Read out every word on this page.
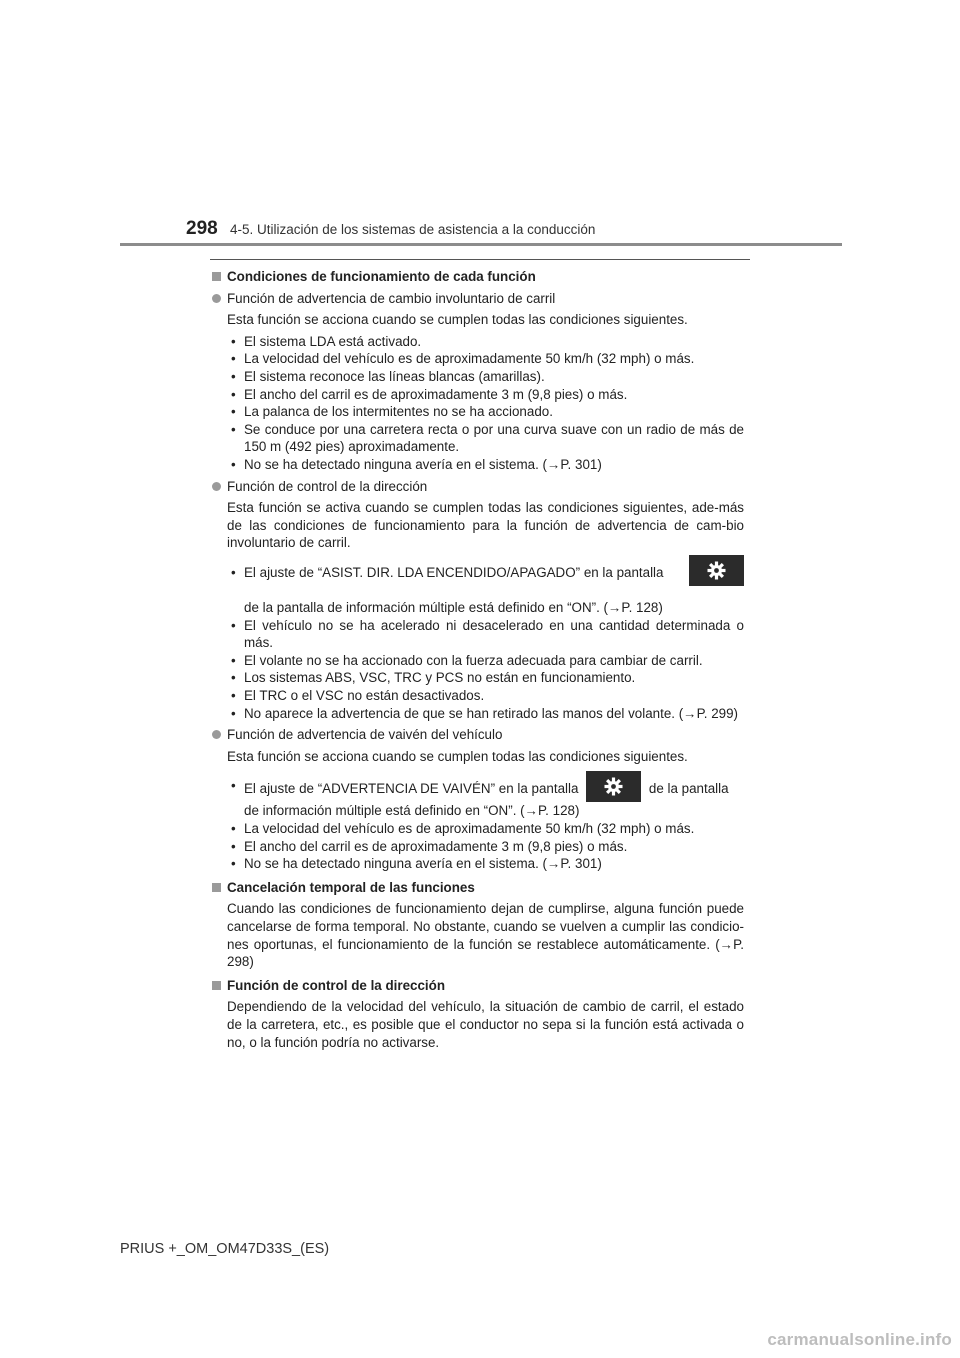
298 4-5. Utilización de los sistemas de asistencia a la conducción

Condiciones de funcionamiento de cada función

Función de advertencia de cambio involuntario de carril

Esta función se acciona cuando se cumplen todas las condiciones siguientes.

• El sistema LDA está activado.
• La velocidad del vehículo es de aproximadamente 50 km/h (32 mph) o más.
• El sistema reconoce las líneas blancas (amarillas).
• El ancho del carril es de aproximadamente 3 m (9,8 pies) o más.
• La palanca de los intermitentes no se ha accionado.
• Se conduce por una carretera recta o por una curva suave con un radio de más de 150 m (492 pies) aproximadamente.
• No se ha detectado ninguna avería en el sistema. (→P. 301)

Función de control de la dirección

Esta función se activa cuando se cumplen todas las condiciones siguientes, ade-más de las condiciones de funcionamiento para la función de advertencia de cam-bio involuntario de carril.

• El ajuste de “ASIST. DIR. LDA ENCENDIDO/APAGADO” en la pantalla

de la pantalla de información múltiple está definido en “ON”. (→P. 128)
• El vehículo no se ha acelerado ni desacelerado en una cantidad determinada o más.
• El volante no se ha accionado con la fuerza adecuada para cambiar de carril.
• Los sistemas ABS, VSC, TRC y PCS no están en funcionamiento.
• El TRC o el VSC no están desactivados.
• No aparece la advertencia de que se han retirado las manos del volante. (→P. 299)

Función de advertencia de vaivén del vehículo

Esta función se acciona cuando se cumplen todas las condiciones siguientes.

• El ajuste de “ADVERTENCIA DE VAIVÉN” en la pantalla	de la pantalla
de información múltiple está definido en “ON”. (→P. 128)
• La velocidad del vehículo es de aproximadamente 50 km/h (32 mph) o más.
• El ancho del carril es de aproximadamente 3 m (9,8 pies) o más.
• No se ha detectado ninguna avería en el sistema. (→P. 301)

Cancelación temporal de las funciones

Cuando las condiciones de funcionamiento dejan de cumplirse, alguna función puede cancelarse de forma temporal. No obstante, cuando se vuelven a cumplir las condicio-nes oportunas, el funcionamiento de la función se restablece automáticamente. (→P. 298)

Función de control de la dirección

Dependiendo de la velocidad del vehículo, la situación de cambio de carril, el estado de la carretera, etc., es posible que el conductor no sepa si la función está activada o no, o la función podría no activarse.

PRIUS +_OM_OM47D33S_(ES)
carmanualsonline.info
